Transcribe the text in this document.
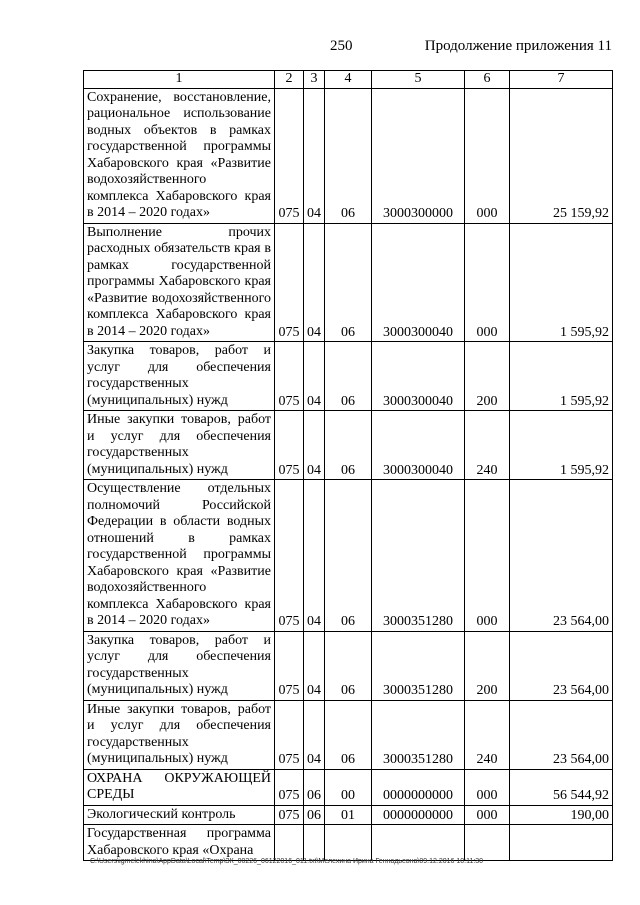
250	Продолжение приложения 11
1	2	3	4	5	6	7
Сохранение, восстановление, рациональное использование водных объектов в рамках государственной программы Хабаровского края «Развитие водохозяйственного комплекса Хабаровского края в 2014 – 2020 годах»	075	04	06	3000300000	000	25 159,92
Выполнение прочих расходных обязательств края в рамках государственной программы Хабаровского края «Развитие водохозяйственного комплекса Хабаровского края в 2014 – 2020 годах»	075	04	06	3000300040	000	1 595,92
Закупка товаров, работ и услуг для обеспечения государственных (муниципальных) нужд	075	04	06	3000300040	200	1 595,92
Иные закупки товаров, работ и услуг для обеспечения государственных (муниципальных) нужд	075	04	06	3000300040	240	1 595,92
Осуществление отдельных полномочий Российской Федерации в области водных отношений в рамках государственной программы Хабаровского края «Развитие водохозяйственного комплекса Хабаровского края в 2014 – 2020 годах»	075	04	06	3000351280	000	23 564,00
Закупка товаров, работ и услуг для обеспечения государственных (муниципальных) нужд	075	04	06	3000351280	200	23 564,00
Иные закупки товаров, работ и услуг для обеспечения государственных (муниципальных) нужд	075	04	06	3000351280	240	23 564,00
ОХРАНА ОКРУЖАЮЩЕЙ СРЕДЫ	075	06	00	0000000000	000	56 544,92
Экологический контроль	075	06	01	0000000000	000	190,00
Государственная программа Хабаровского края «Охрана						
C:\Users\igmelekhina\AppData\Local\Temp\ЗК_00226_06122016_011.txt\Мелехина Ирина Геннадьевна\09.12.2016 10:11:30
